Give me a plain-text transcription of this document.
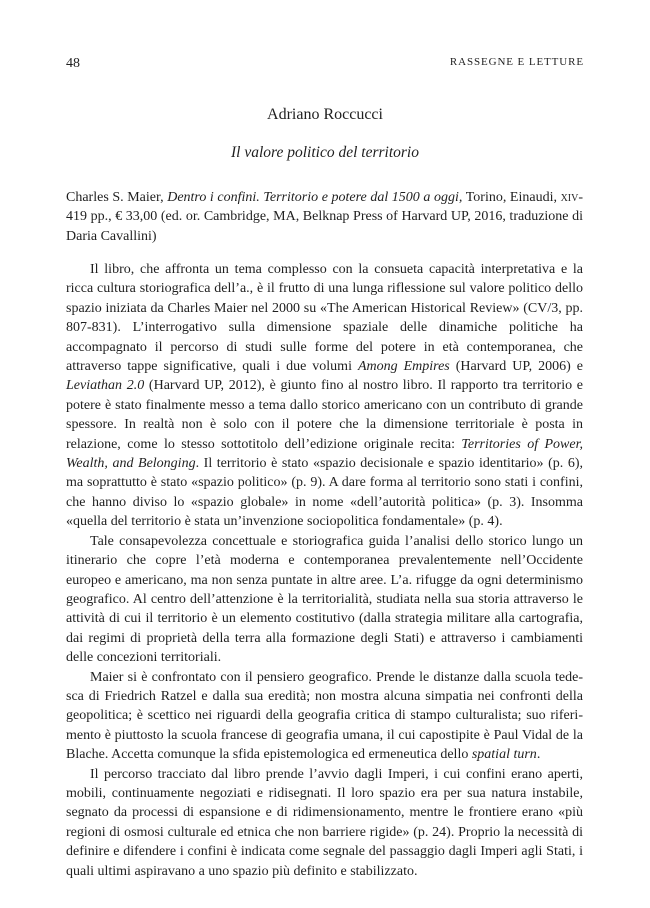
48	RASSEGNE E LETTURE
Adriano Roccucci
Il valore politico del territorio

Charles S. Maier, Dentro i confini. Territorio e potere dal 1500 a oggi, Torino, Einaudi, xiv-419 pp., € 33,00 (ed. or. Cambridge, MA, Belknap Press of Harvard UP, 2016, traduzione di Daria Cavallini)

Il libro, che affronta un tema complesso con la consueta capacità interpretativa e la ricca cultura storiografica dell’a., è il frutto di una lunga riflessione sul valore politico dello spazio iniziata da Charles Maier nel 2000 su «The American Historical Review» (CV/3, pp. 807-831). L’interrogativo sulla dimensione spaziale delle dinamiche politiche ha accompagnato il percorso di studi sulle forme del potere in età contemporanea, che attraverso tappe significative, quali i due volumi Among Empires (Harvard UP, 2006) e Leviathan 2.0 (Harvard UP, 2012), è giunto fino al nostro libro. Il rapporto tra territorio e potere è stato finalmente messo a tema dallo storico americano con un contributo di grande spessore. In realtà non è solo con il potere che la dimensione territoriale è posta in relazione, come lo stesso sottotitolo dell’edizione originale recita: Territories of Power, Wealth, and Belonging. Il territorio è stato «spazio decisionale e spazio identitario» (p. 6), ma soprattutto è stato «spazio politico» (p. 9). A dare forma al territorio sono stati i confini, che hanno diviso lo «spazio globale» in nome «dell’autorità politica» (p. 3). Insomma «quella del territorio è stata un’invenzione sociopolitica fondamentale» (p. 4).

Tale consapevolezza concettuale e storiografica guida l’analisi dello storico lungo un itinerario che copre l’età moderna e contemporanea prevalentemente nell’Occidente europeo e americano, ma non senza puntate in altre aree. L’a. rifugge da ogni determinismo geografico. Al centro dell’attenzione è la territorialità, studiata nella sua storia attraverso le attività di cui il territorio è un elemento costitutivo (dalla strategia militare alla cartografia, dai regimi di proprietà della terra alla formazione degli Stati) e attraverso i cambiamenti delle concezioni territoriali.

Maier si è confrontato con il pensiero geografico. Prende le distanze dalla scuola tedesca di Friedrich Ratzel e dalla sua eredità; non mostra alcuna simpatia nei confronti della geopolitica; è scettico nei riguardi della geografia critica di stampo culturalista; suo riferimento è piuttosto la scuola francese di geografia umana, il cui capostipite è Paul Vidal de la Blache. Accetta comunque la sfida epistemologica ed ermeneutica dello spatial turn.

Il percorso tracciato dal libro prende l’avvio dagli Imperi, i cui confini erano aperti, mobili, continuamente negoziati e ridisegnati. Il loro spazio era per sua natura instabile, segnato da processi di espansione e di ridimensionamento, mentre le frontiere erano «più regioni di osmosi culturale ed etnica che non barriere rigide» (p. 24). Proprio la necessità di definire e difendere i confini è indicata come segnale del passaggio dagli Imperi agli Stati, i quali ultimi aspiravano a uno spazio più definito e stabilizzato.
